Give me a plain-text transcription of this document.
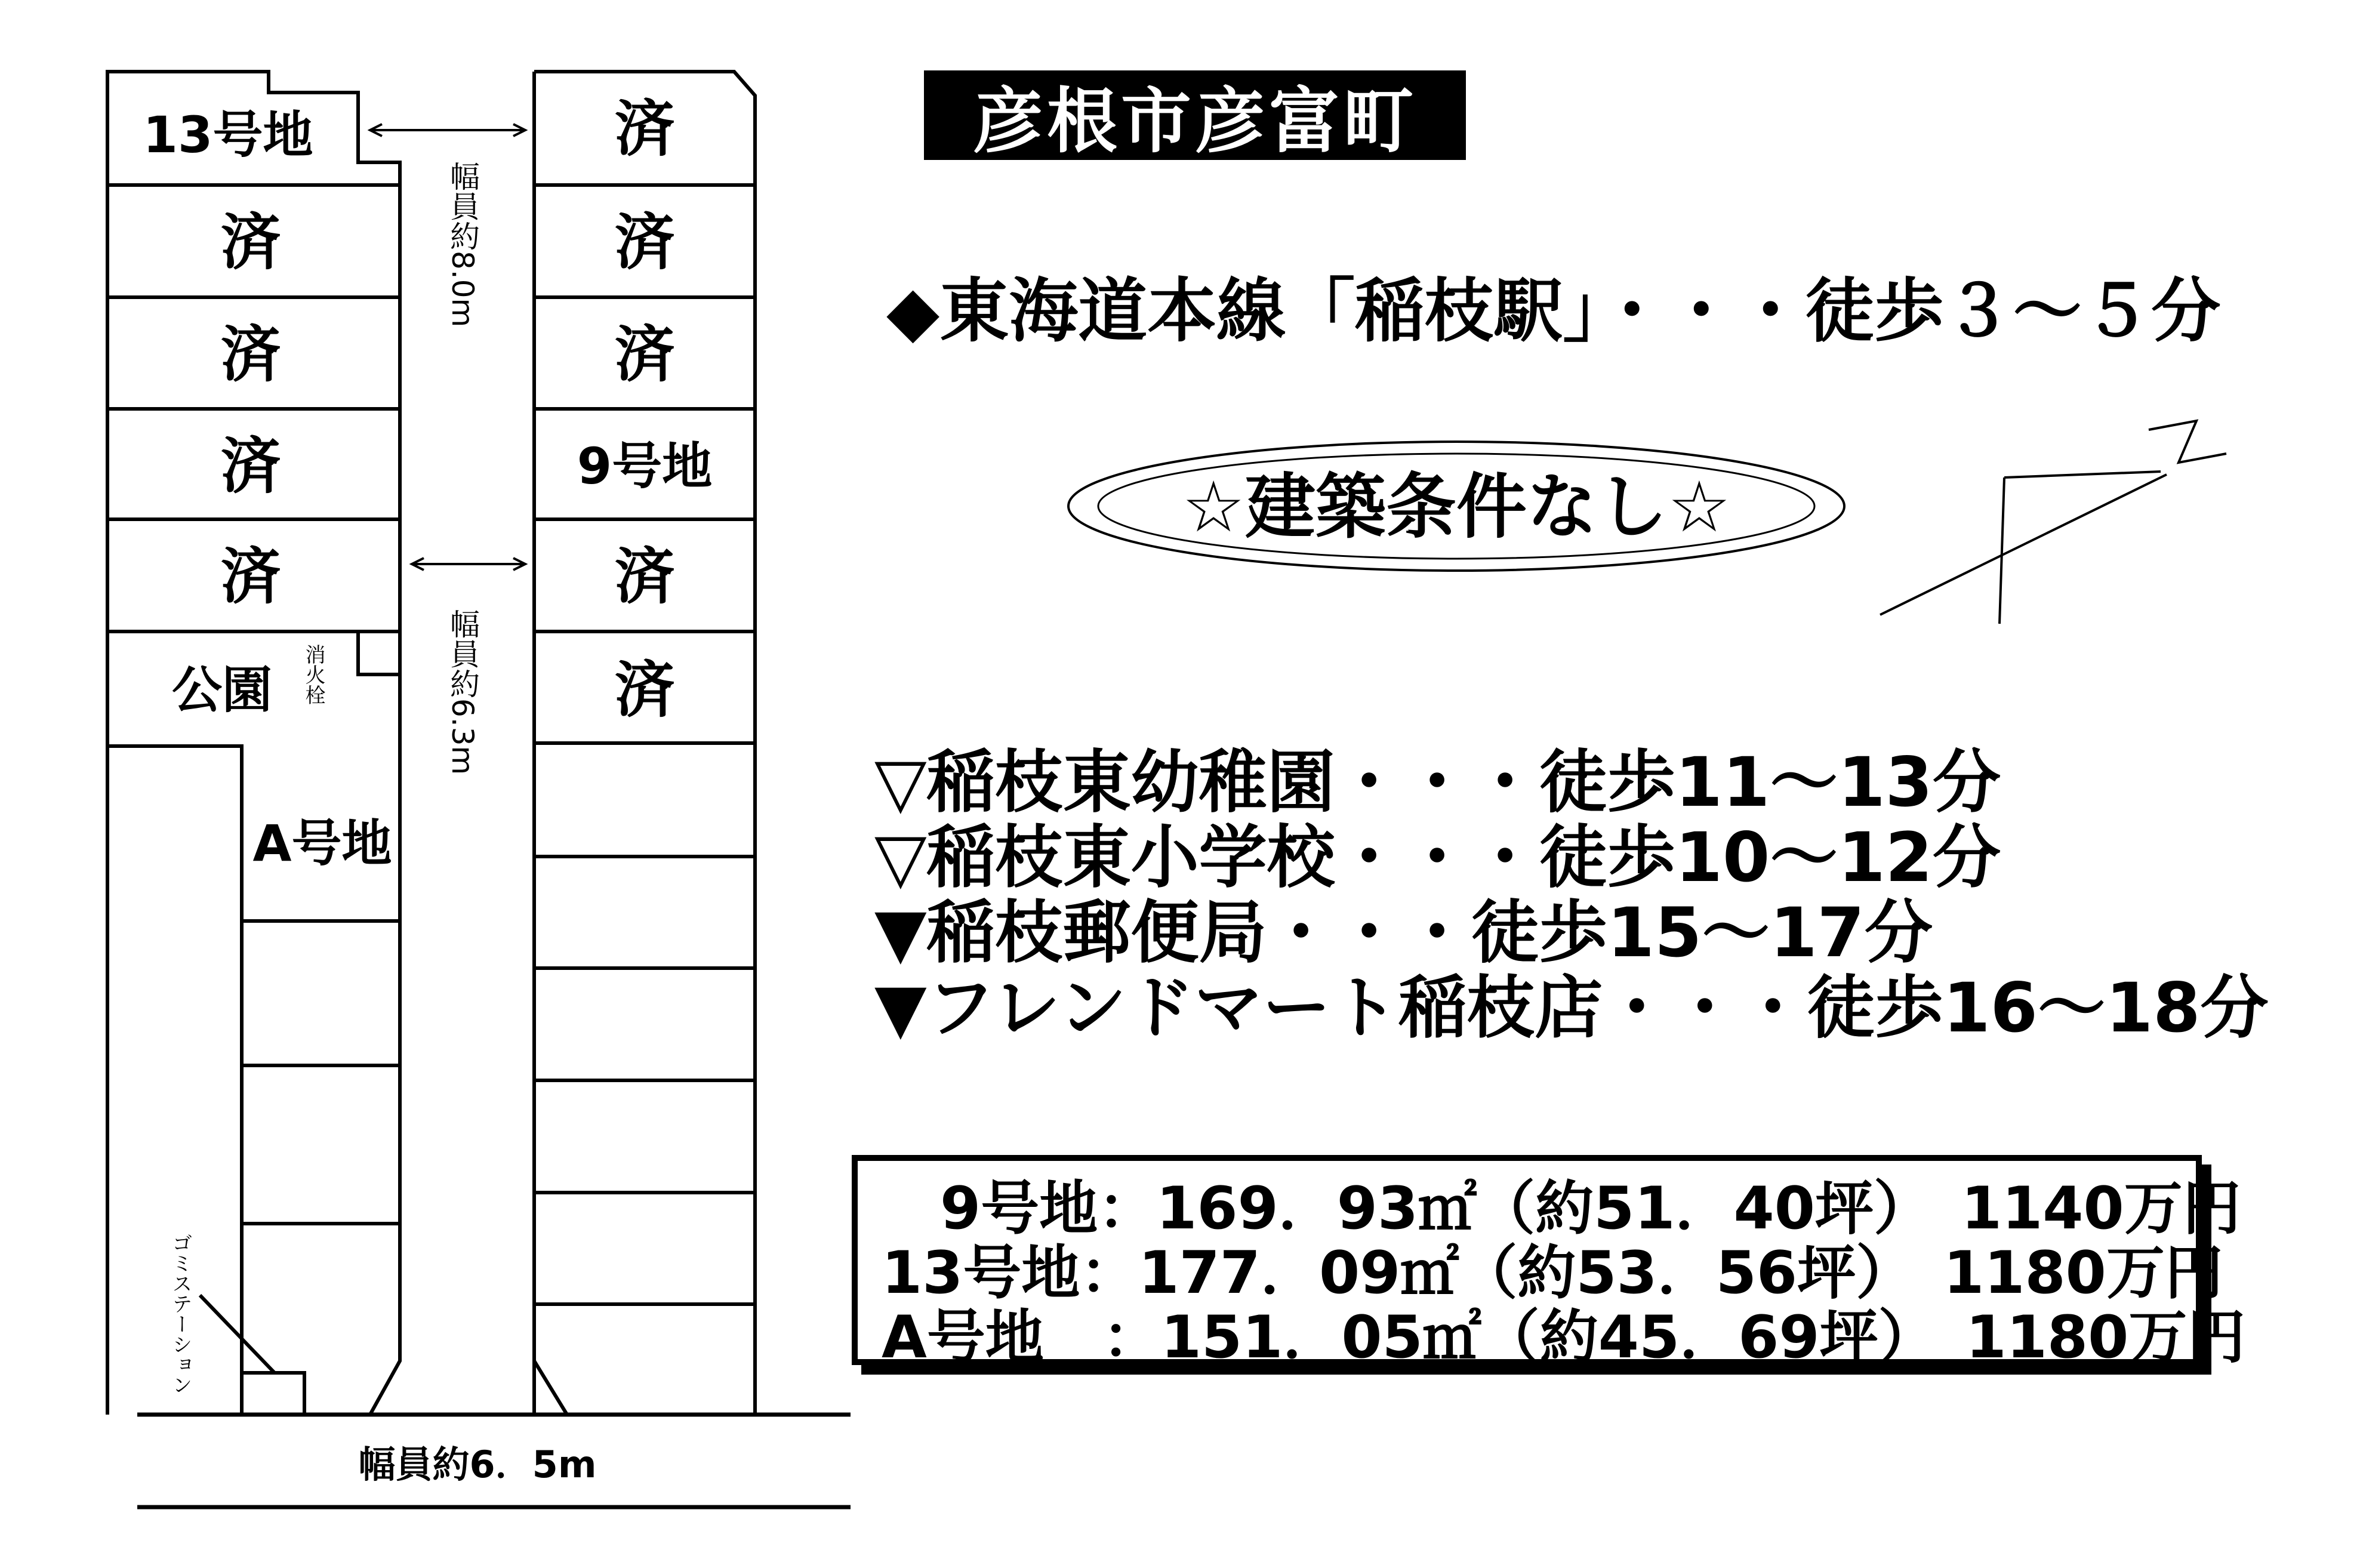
13号地
済
済
済
済
公園 消火栓
A号地
ゴミステーション
済
済
済
9号地
済
済
幅員約8.0m
幅員約6.3m
幅員約6．5m
☆建築条件なし☆
彦根市彦富町
◆東海道本線「稲枝駅」・・・徒歩３～５分
▽稲枝東幼稚園・・・徒歩11～13分
▽稲枝東小学校・・・徒歩10～12分
▼稲枝郵便局・・・徒歩15～17分
▼フレンドマート稲枝店・・・徒歩16～18分
　9号地：169．93㎡（約51．40坪）　1140万円
13号地：177．09㎡（約53．56坪）　1180万円
A号地　：151．05㎡（約45．69坪）　1180万円
